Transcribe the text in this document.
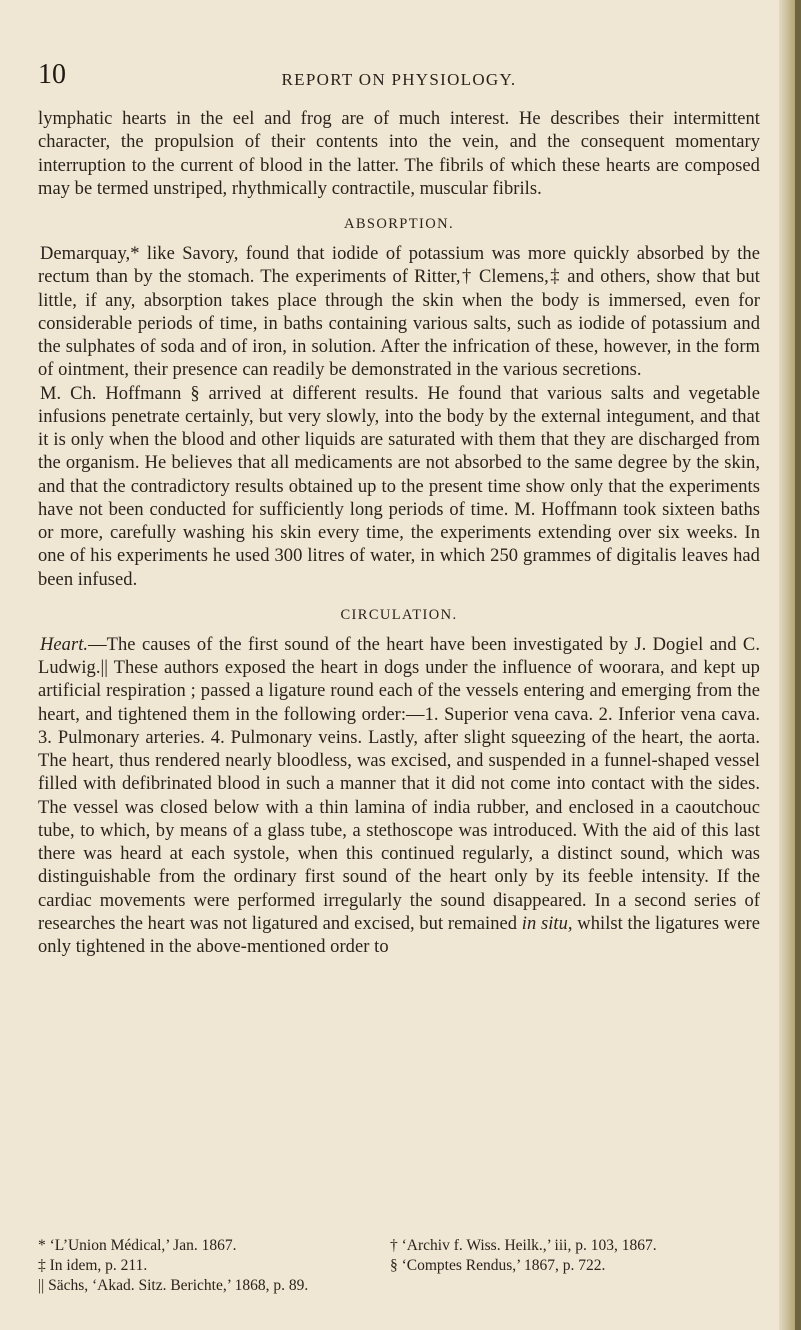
10	REPORT ON PHYSIOLOGY.

lymphatic hearts in the eel and frog are of much interest. He describes their intermittent character, the propulsion of their contents into the vein, and the consequent momentary interruption to the current of blood in the latter. The fibrils of which these hearts are composed may be termed unstriped, rhythmically contractile, muscular fibrils.

ABSORPTION.

Demarquay,* like Savory, found that iodide of potassium was more quickly absorbed by the rectum than by the stomach. The experiments of Ritter,† Clemens,‡ and others, show that but little, if any, absorption takes place through the skin when the body is immersed, even for considerable periods of time, in baths containing various salts, such as iodide of potassium and the sulphates of soda and of iron, in solution. After the infrication of these, however, in the form of ointment, their presence can readily be demonstrated in the various secretions.

M. Ch. Hoffmann § arrived at different results. He found that various salts and vegetable infusions penetrate certainly, but very slowly, into the body by the external integument, and that it is only when the blood and other liquids are saturated with them that they are discharged from the organism. He believes that all medicaments are not absorbed to the same degree by the skin, and that the contradictory results obtained up to the present time show only that the experiments have not been conducted for sufficiently long periods of time. M. Hoffmann took sixteen baths or more, carefully washing his skin every time, the experiments extending over six weeks. In one of his experiments he used 300 litres of water, in which 250 grammes of digitalis leaves had been infused.

CIRCULATION.

Heart.—The causes of the first sound of the heart have been investigated by J. Dogiel and C. Ludwig.|| These authors exposed the heart in dogs under the influence of woorara, and kept up artificial respiration ; passed a ligature round each of the vessels entering and emerging from the heart, and tightened them in the following order:—1. Superior vena cava. 2. Inferior vena cava. 3. Pulmonary arteries. 4. Pulmonary veins. Lastly, after slight squeezing of the heart, the aorta. The heart, thus rendered nearly bloodless, was excised, and suspended in a funnel-shaped vessel filled with defibrinated blood in such a manner that it did not come into contact with the sides. The vessel was closed below with a thin lamina of india rubber, and enclosed in a caoutchouc tube, to which, by means of a glass tube, a stethoscope was introduced. With the aid of this last there was heard at each systole, when this continued regularly, a distinct sound, which was distinguishable from the ordinary first sound of the heart only by its feeble intensity. If the cardiac movements were performed irregularly the sound disappeared. In a second series of researches the heart was not ligatured and excised, but remained in situ, whilst the ligatures were only tightened in the above-mentioned order to

* ‘L’Union Médical,’ Jan. 1867.	† ‘Archiv f. Wiss. Heilk.,’ iii, p. 103, 1867.
‡ In idem, p. 211.	§ ‘Comptes Rendus,’ 1867, p. 722.
|| Sächs, ‘Akad. Sitz. Berichte,’ 1868, p. 89.
